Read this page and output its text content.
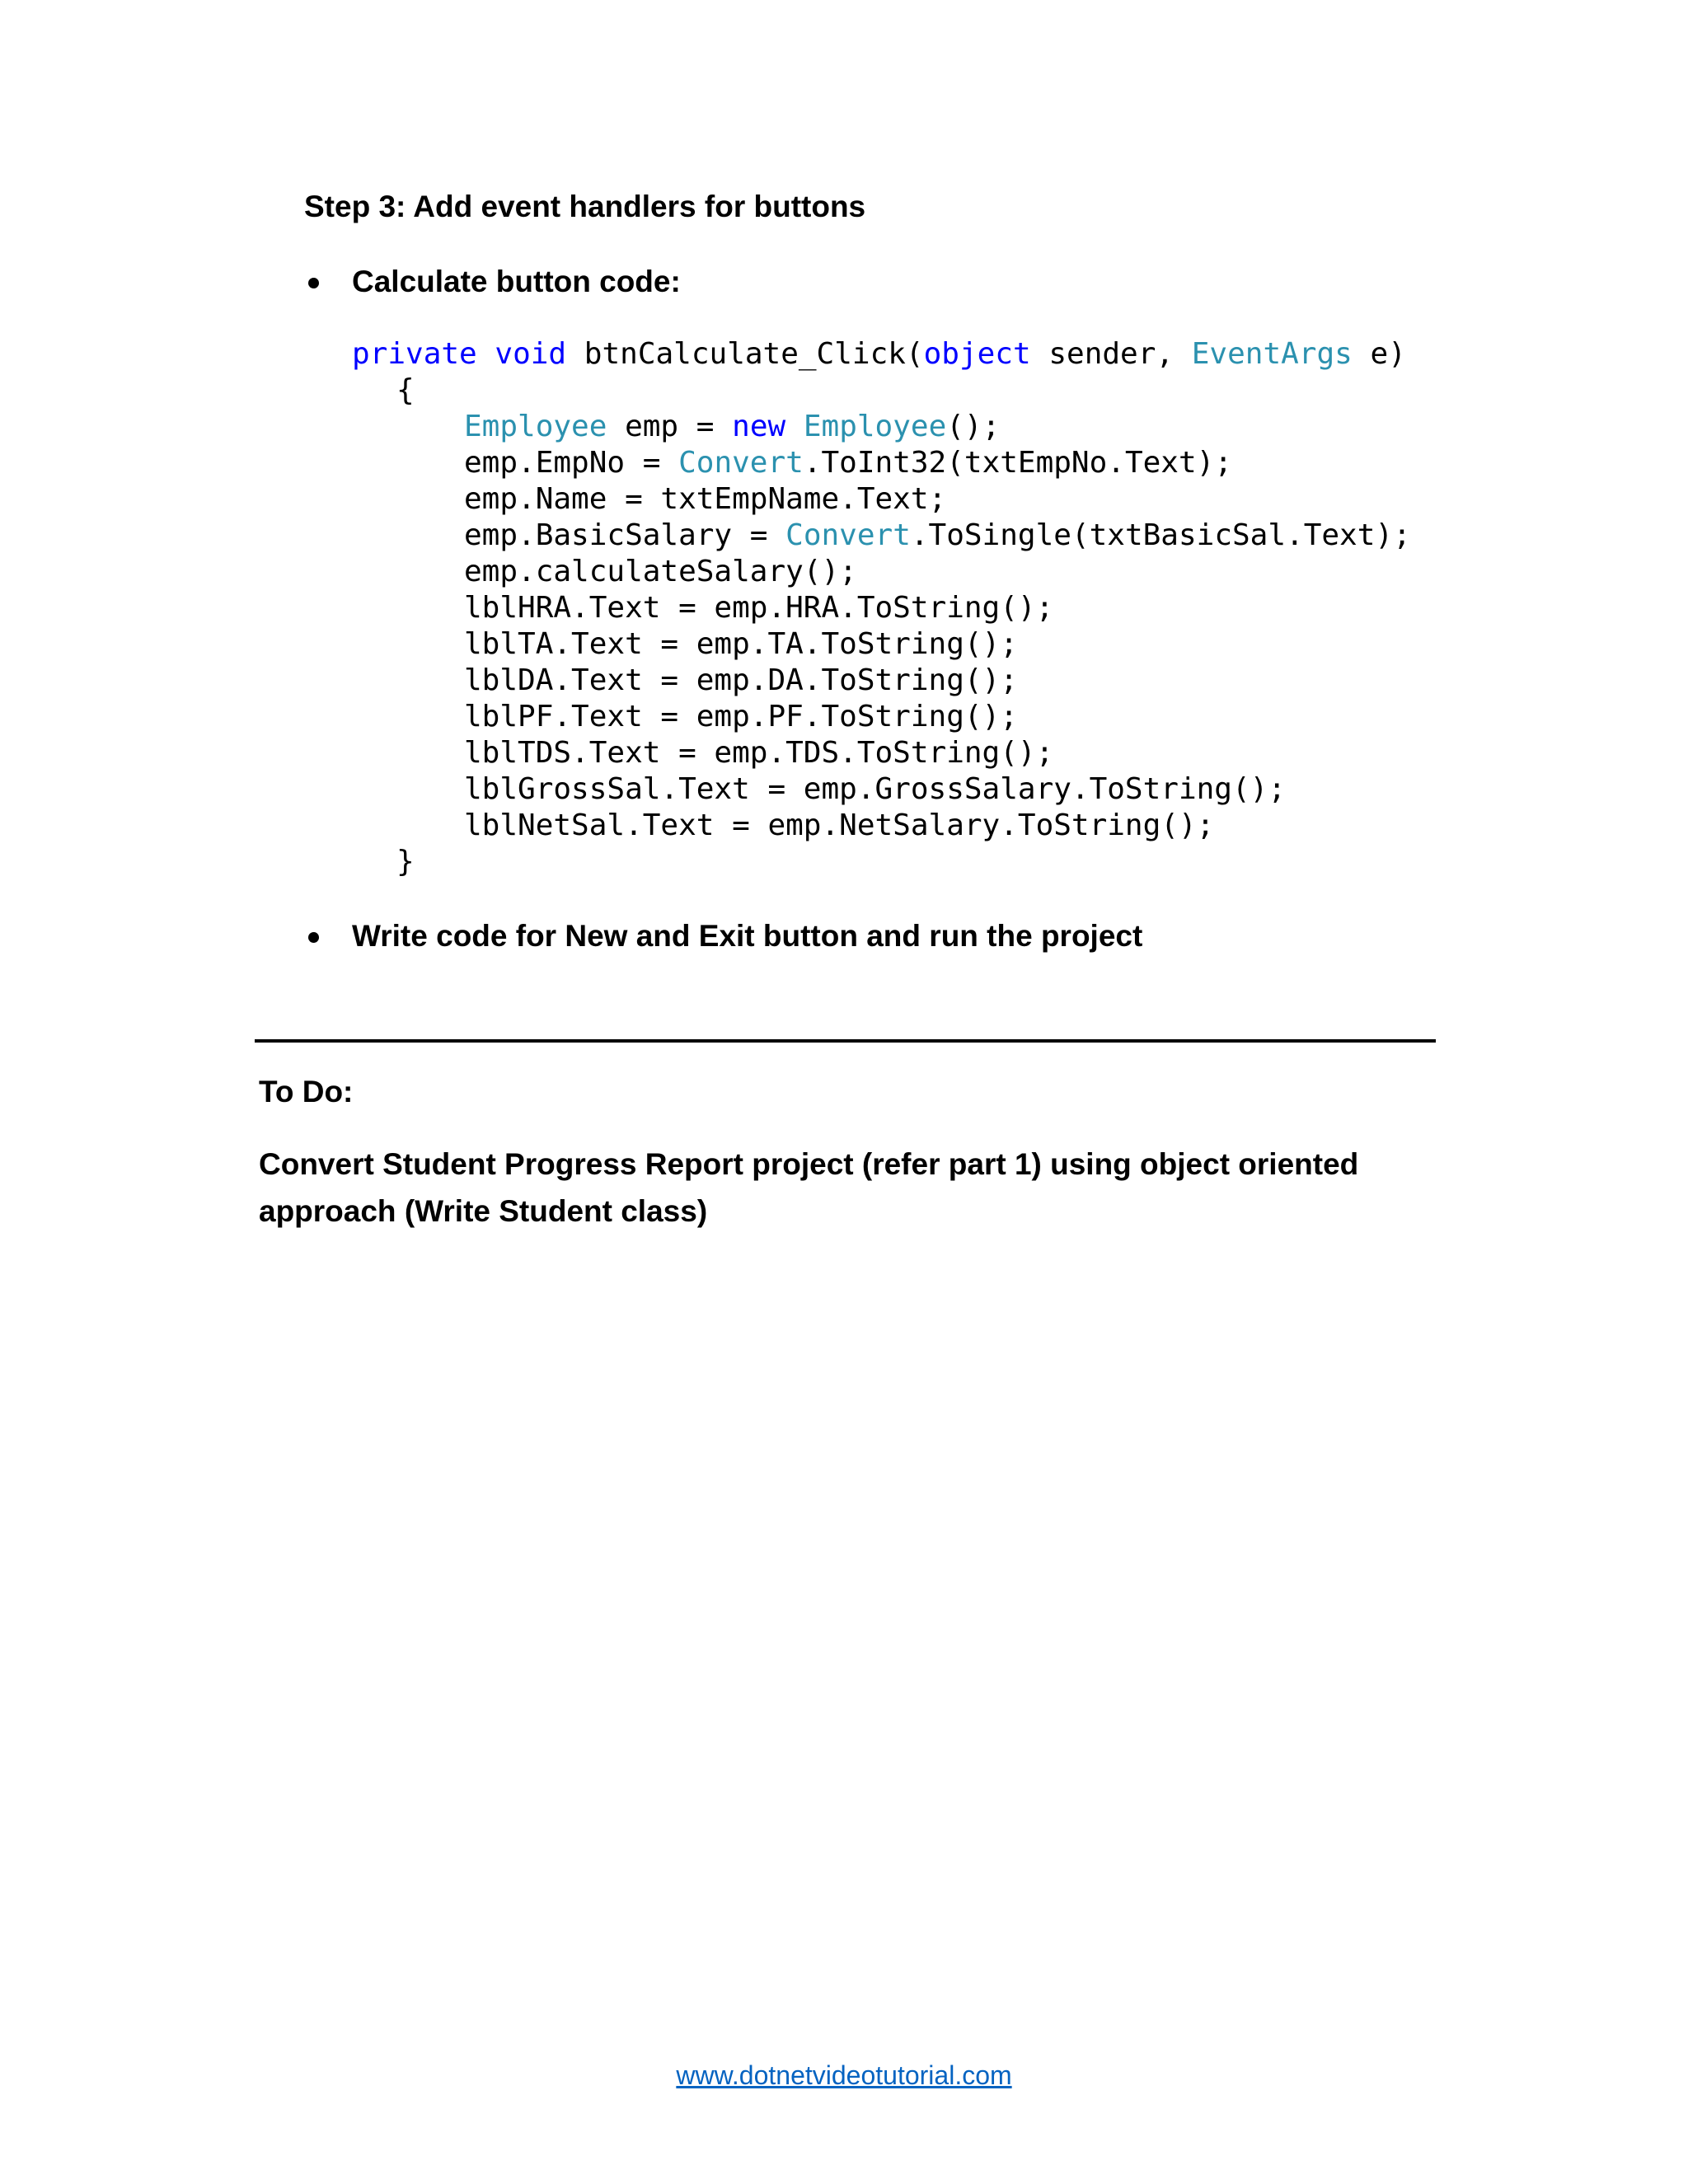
Step 3: Add event handlers for buttons
Calculate button code:
private void btnCalculate_Click(object sender, EventArgs e)
{
Employee emp = new Employee();
emp.EmpNo = Convert.ToInt32(txtEmpNo.Text);
emp.Name = txtEmpName.Text;
emp.BasicSalary = Convert.ToSingle(txtBasicSal.Text);
emp.calculateSalary();
lblHRA.Text = emp.HRA.ToString();
lblTA.Text = emp.TA.ToString();
lblDA.Text = emp.DA.ToString();
lblPF.Text = emp.PF.ToString();
lblTDS.Text = emp.TDS.ToString();
lblGrossSal.Text = emp.GrossSalary.ToString();
lblNetSal.Text = emp.NetSalary.ToString();
}
Write code for New and Exit button and run the project
To Do:
Convert Student Progress Report project (refer part 1) using object oriented
approach (Write Student class)
www.dotnetvideotutorial.com
